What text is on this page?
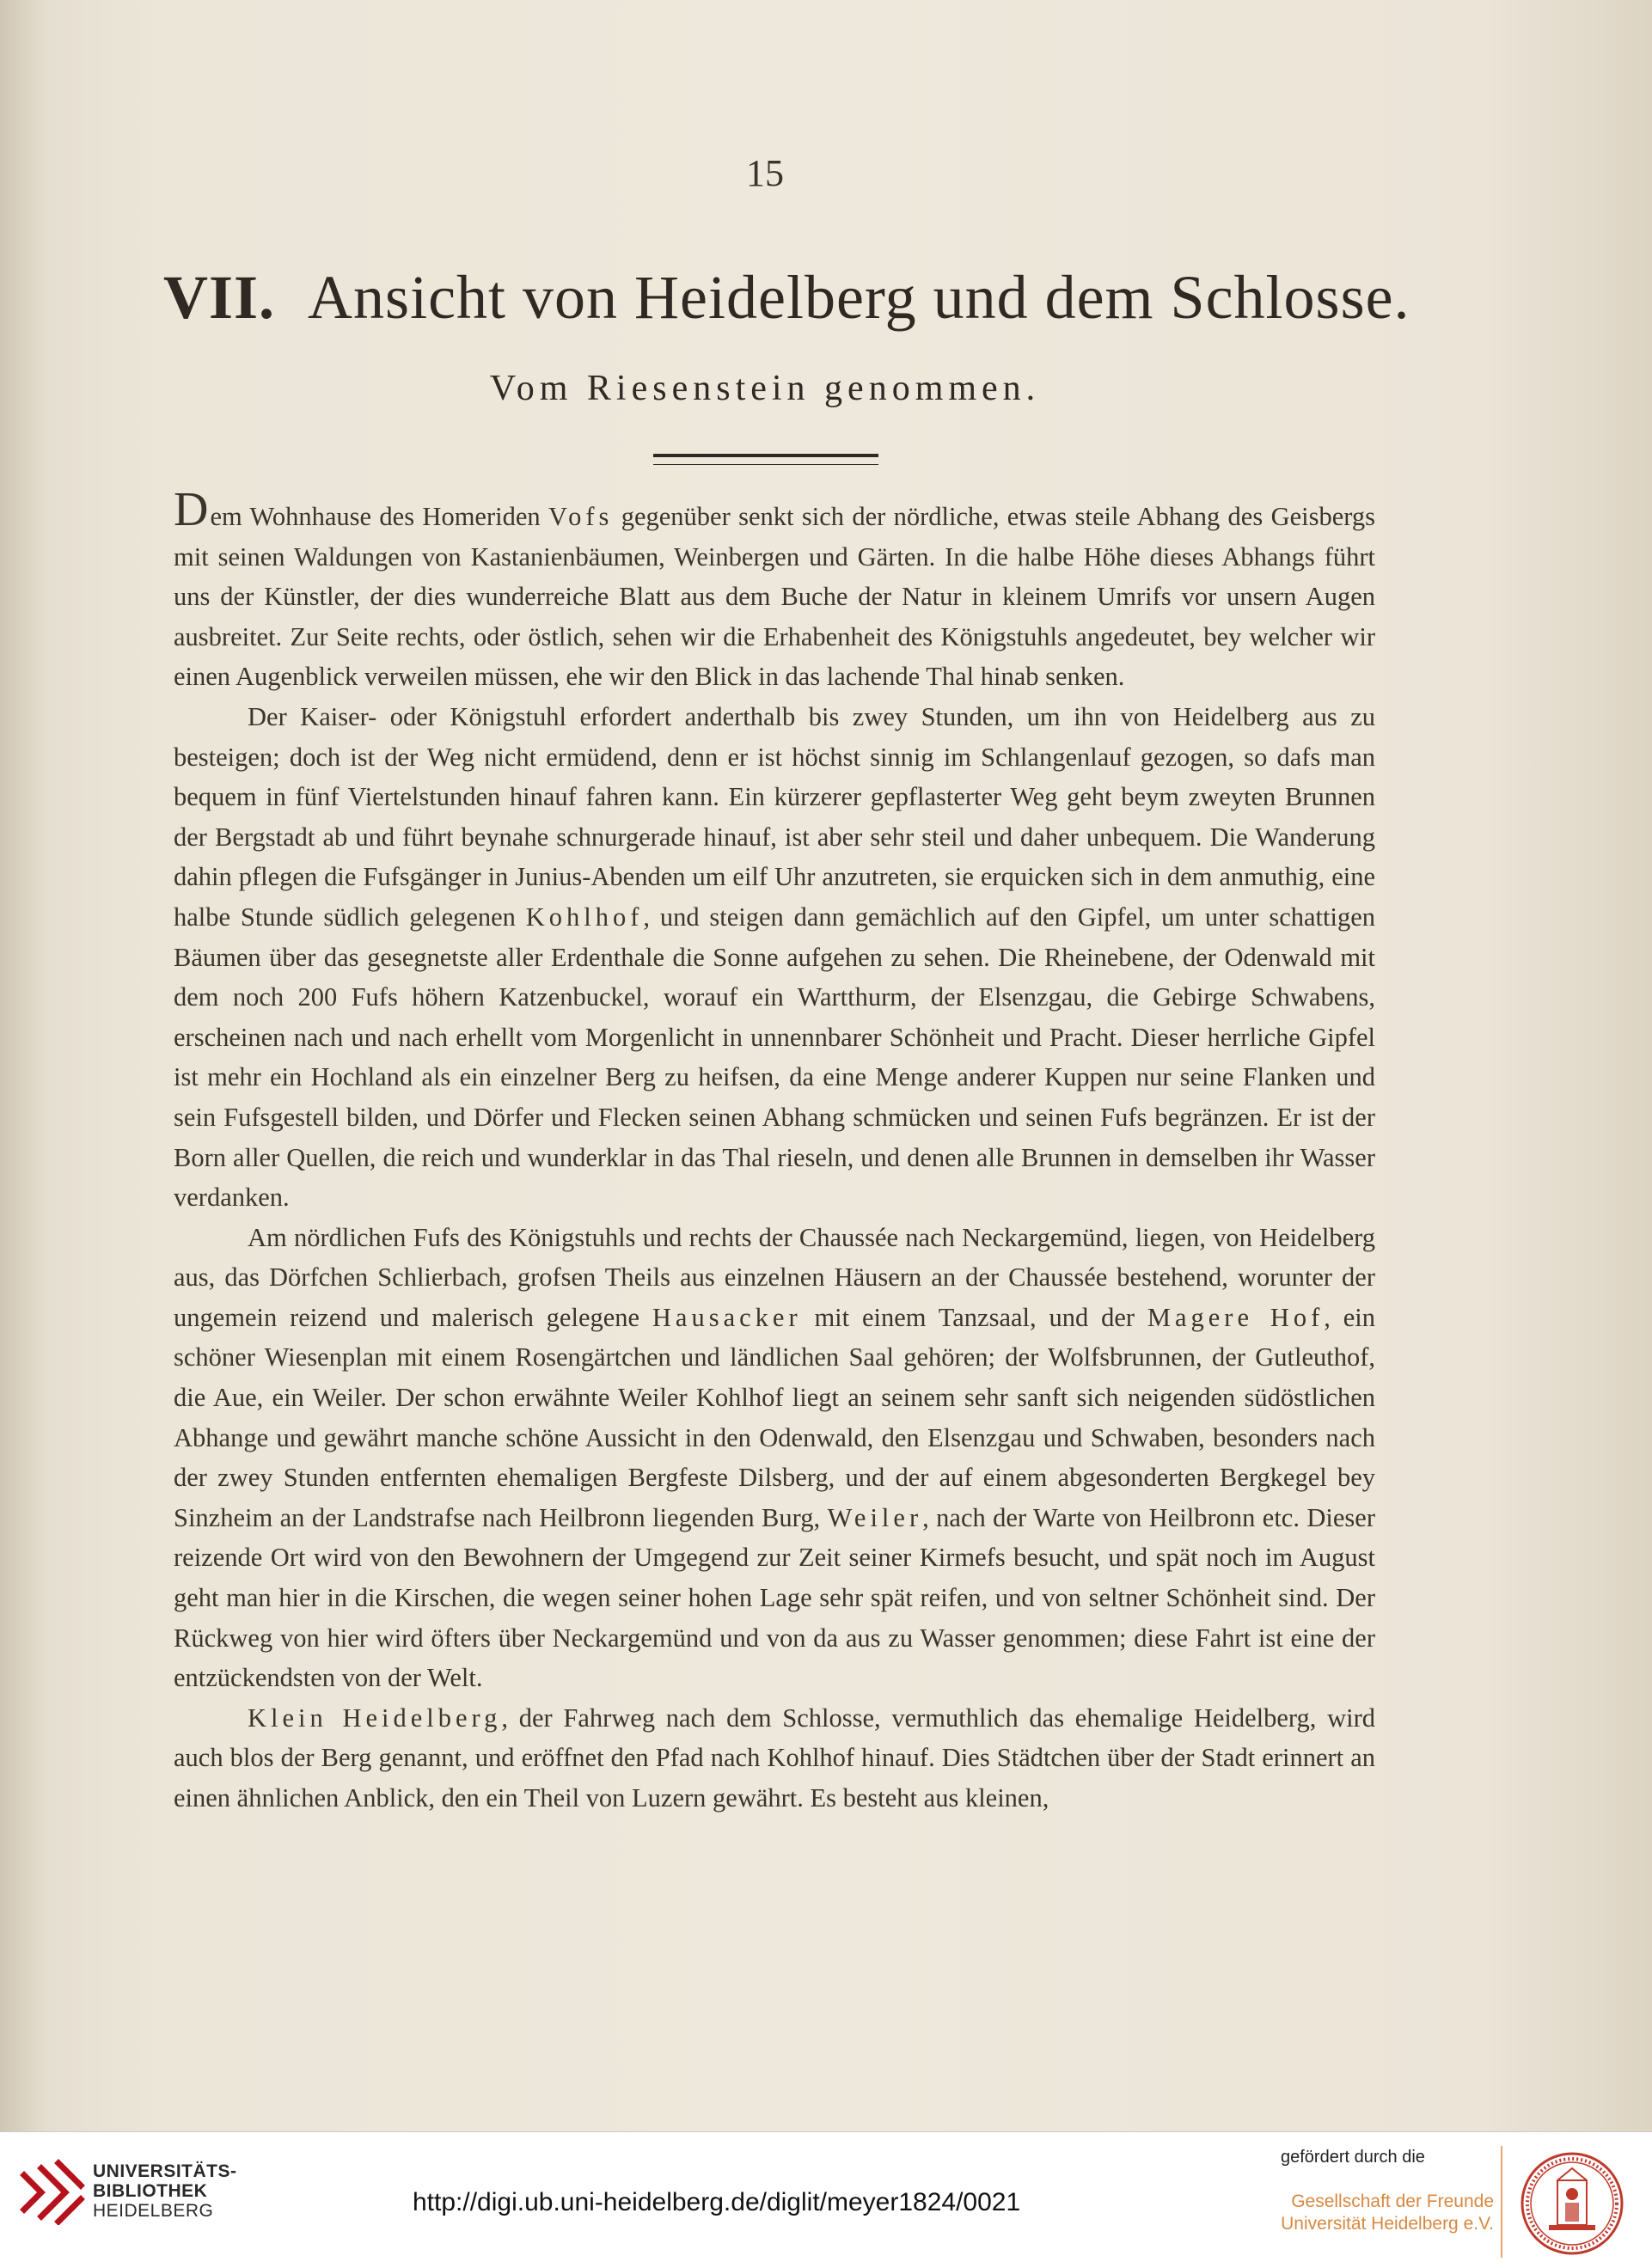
15
VII. Ansicht von Heidelberg und dem Schlosse.
Vom Riesenstein genommen.

Dem Wohnhause des Homeriden Vofs gegenüber senkt sich der nördliche, etwas steile Abhang des Geisbergs mit seinen Waldungen von Kastanienbäumen, Weinbergen und Gärten. In die halbe Höhe dieses Abhangs führt uns der Künstler, der dies wunderreiche Blatt aus dem Buche der Natur in kleinem Umrifs vor unsern Augen ausbreitet. Zur Seite rechts, oder östlich, sehen wir die Erhabenheit des Königstuhls angedeutet, bey welcher wir einen Augenblick verweilen müssen, ehe wir den Blick in das lachende Thal hinab senken.

Der Kaiser- oder Königstuhl erfordert anderthalb bis zwey Stunden, um ihn von Heidelberg aus zu besteigen; doch ist der Weg nicht ermüdend, denn er ist höchst sinnig im Schlangenlauf gezogen, so dafs man bequem in fünf Viertelstunden hinauf fahren kann. Ein kürzerer gepflasterter Weg geht beym zweyten Brunnen der Bergstadt ab und führt beynahe schnurgerade hinauf, ist aber sehr steil und daher unbequem. Die Wanderung dahin pflegen die Fufsgänger in Junius-Abenden um eilf Uhr anzutreten, sie erquicken sich in dem anmuthig, eine halbe Stunde südlich gelegenen Kohlhof, und steigen dann gemächlich auf den Gipfel, um unter schattigen Bäumen über das gesegnetste aller Erdenthale die Sonne aufgehen zu sehen. Die Rheinebene, der Odenwald mit dem noch 200 Fufs höhern Katzenbuckel, worauf ein Wartthurm, der Elsenzgau, die Gebirge Schwabens, erscheinen nach und nach erhellt vom Morgenlicht in unnennbarer Schönheit und Pracht. Dieser herrliche Gipfel ist mehr ein Hochland als ein einzelner Berg zu heifsen, da eine Menge anderer Kuppen nur seine Flanken und sein Fufsgestell bilden, und Dörfer und Flecken seinen Abhang schmücken und seinen Fufs begränzen. Er ist der Born aller Quellen, die reich und wunderklar in das Thal rieseln, und denen alle Brunnen in demselben ihr Wasser verdanken.

Am nördlichen Fufs des Königstuhls und rechts der Chaussée nach Neckargemünd, liegen, von Heidelberg aus, das Dörfchen Schlierbach, grofsen Theils aus einzelnen Häusern an der Chaussée bestehend, worunter der ungemein reizend und malerisch gelegene Hausacker mit einem Tanzsaal, und der Magere Hof, ein schöner Wiesenplan mit einem Rosengärtchen und ländlichen Saal gehören; der Wolfsbrunnen, der Gutleuthof, die Aue, ein Weiler. Der schon erwähnte Weiler Kohlhof liegt an seinem sehr sanft sich neigenden südöstlichen Abhange und gewährt manche schöne Aussicht in den Odenwald, den Elsenzgau und Schwaben, besonders nach der zwey Stunden entfernten ehemaligen Bergfeste Dilsberg, und der auf einem abgesonderten Bergkegel bey Sinzheim an der Landstrafse nach Heilbronn liegenden Burg, Weiler, nach der Warte von Heilbronn etc. Dieser reizende Ort wird von den Bewohnern der Umgegend zur Zeit seiner Kirmefs besucht, und spät noch im August geht man hier in die Kirschen, die wegen seiner hohen Lage sehr spät reifen, und von seltner Schönheit sind. Der Rückweg von hier wird öfters über Neckargemünd und von da aus zu Wasser genommen; diese Fahrt ist eine der entzückendsten von der Welt.

Klein Heidelberg, der Fahrweg nach dem Schlosse, vermuthlich das ehemalige Heidelberg, wird auch blos der Berg genannt, und eröffnet den Pfad nach Kohlhof hinauf. Dies Städtchen über der Stadt erinnert an einen ähnlichen Anblick, den ein Theil von Luzern gewährt. Es besteht aus kleinen,

UNIVERSITÄTS-
BIBLIOTHEK
HEIDELBERG	http://digi.ub.uni-heidelberg.de/diglit/meyer1824/0021
gefördert durch die
Gesellschaft der Freunde
Universität Heidelberg e.V.
